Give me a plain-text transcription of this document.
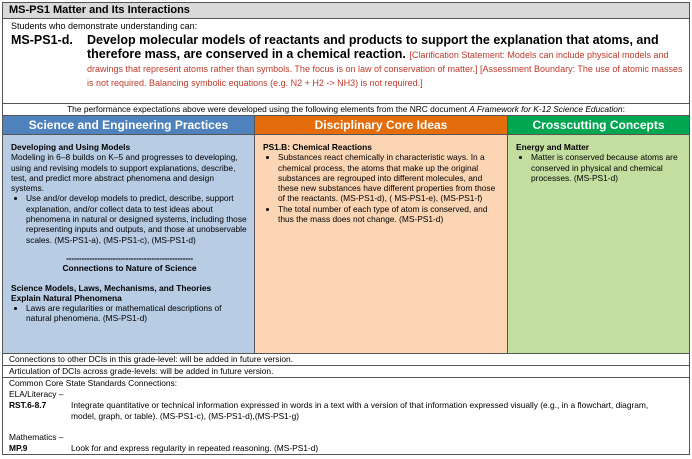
MS-PS1 Matter and Its Interactions
Students who demonstrate understanding can:
MS-PS1-d.	Develop molecular models of reactants and products to support the explanation that atoms, and therefore mass, are conserved in a chemical reaction. [Clarification Statement: Models can include physical models and drawings that represent atoms rather than symbols. The focus is on law of conservation of matter.] [Assessment Boundary: The use of atomic masses is not required. Balancing symbolic equations (e.g. N2 + H2 -> NH3) is not required.]
The performance expectations above were developed using the following elements from the NRC document A Framework for K-12 Science Education:
Science and Engineering Practices
Developing and Using Models
Modeling in 6–8 builds on K–5 and progresses to developing, using and revising models to support explanations, describe, test, and predict more abstract phenomena and design systems.
• Use and/or develop models to predict, describe, support explanation, and/or collect data to test ideas about phenomena in natural or designed systems, including those representing inputs and outputs, and those at unobservable scales. (MS-PS1-a), (MS-PS1-c), (MS-PS1-d)
-------------------------------------------------
Connections to Nature of Science
Science Models, Laws, Mechanisms, and Theories
Explain Natural Phenomena
• Laws are regularities or mathematical descriptions of natural phenomena. (MS-PS1-d)
Disciplinary Core Ideas
PS1.B: Chemical Reactions
• Substances react chemically in characteristic ways. In a chemical process, the atoms that make up the original substances are regrouped into different molecules, and these new substances have different properties from those of the reactants. (MS-PS1-d), ( MS-PS1-e), (MS-PS1-f)
• The total number of each type of atom is conserved, and thus the mass does not change. (MS-PS1-d)
Crosscutting Concepts
Energy and Matter
• Matter is conserved because atoms are conserved in physical and chemical processes. (MS-PS1-d)
Connections to other DCIs in this grade-level: will be added in future version.
Articulation of DCIs across grade-levels: will be added in future version.
Common Core State Standards Connections:
ELA/Literacy –
RST.6-8.7	Integrate quantitative or technical information expressed in words in a text with a version of that information expressed visually (e.g., in a flowchart, diagram, model, graph, or table). (MS-PS1-c), (MS-PS1-d),(MS-PS1-g)
Mathematics –
MP.9	Look for and express regularity in repeated reasoning. (MS-PS1-d)
